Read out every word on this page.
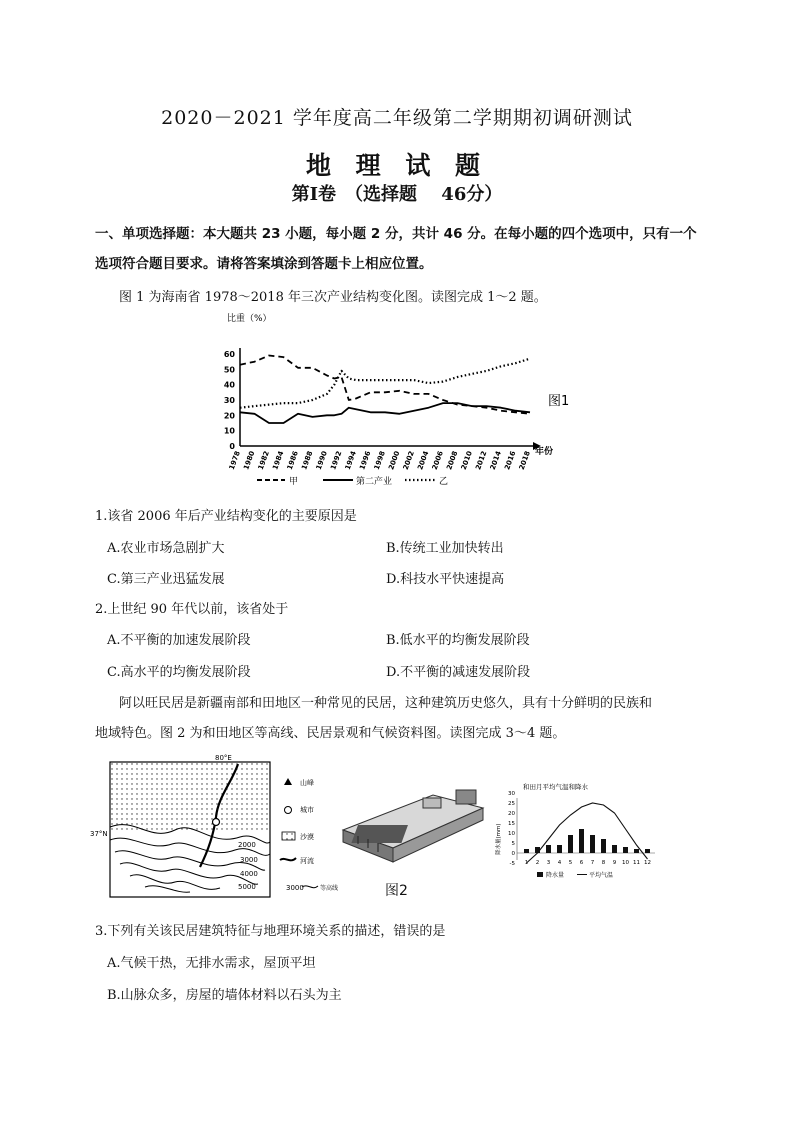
2020－2021 学年度高二年级第二学期期初调研测试
地 理 试 题
第Ⅰ卷　（选择题　 46分）
一、单项选择题：本大题共 23 小题，每小题 2 分，共计 46 分。在每小题的四个选项中，只有一个
选项符合题目要求。请将答案填涂到答题卡上相应位置。
图 1 为海南省 1978～2018 年三次产业结构变化图。读图完成 1～2 题。
比重（%）
0
10
20
30
40
50
60
1978 1980 1982 1984 1986 1988 1990 1992 1994 1996 1998 2000 2002 2004 2006 2008 2010 2012 2014 2016 2018 年份
图1
甲	第二产业	乙
1.该省 2006 年后产业结构变化的主要原因是
A.农业市场急剧扩大	B.传统工业加快转出
C.第三产业迅猛发展	D.科技水平快速提高
2.上世纪 90 年代以前，该省处于
A.不平衡的加速发展阶段	B.低水平的均衡发展阶段
C.高水平的均衡发展阶段	D.不平衡的减速发展阶段
阿以旺民居是新疆南部和田地区一种常见的民居，这种建筑历史悠久，具有十分鲜明的民族和
地域特色。图 2 为和田地区等高线、民居景观和气候资料图。读图完成 3～4 题。
80°E
37°N
2000
3000
4000
5000
山峰
城市
沙漠
河流
3000	等高线	图2
和田月平均气温和降水
降水量(mm)
30
25
20
15
10
5
0
-5 1 2 3 4 5 6 7 8 9 10 11 12
降水量	平均气温
3.下列有关该民居建筑特征与地理环境关系的描述，错误的是
A.气候干热，无排水需求，屋顶平坦
B.山脉众多，房屋的墙体材料以石头为主
